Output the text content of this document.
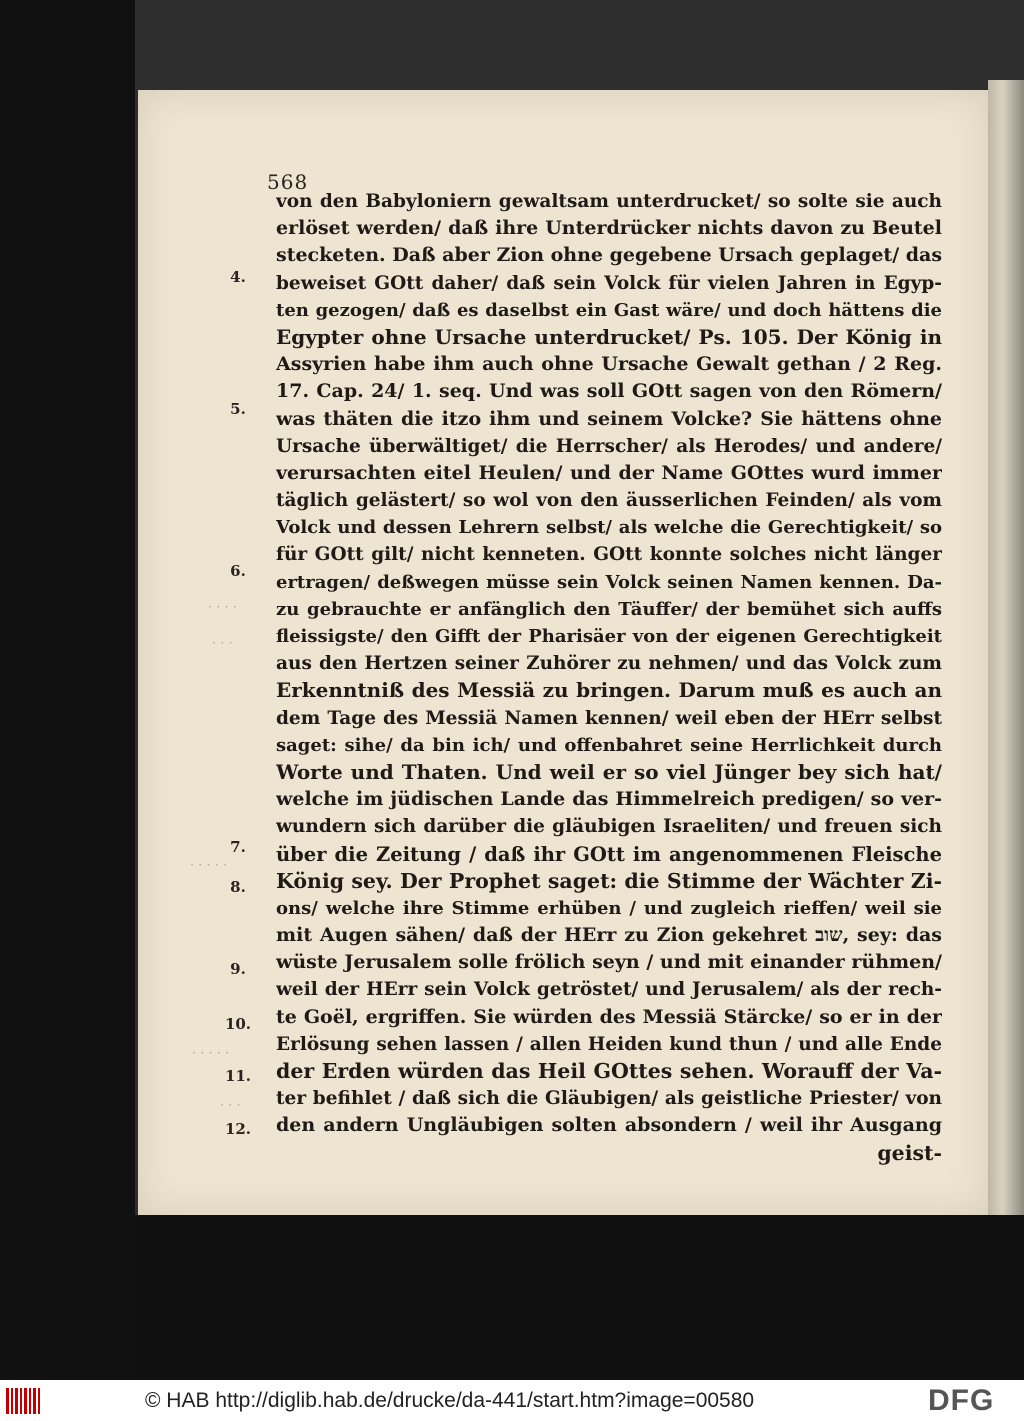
568
4.
5.
6.
7.
8.
9.
10.
11.
12.
· · · ·
· · ·
· · · · ·
· · · · ·
· · ·
von den Babyloniern gewaltsam unterdrucket/ so solte sie auch
erlöset werden/ daß ihre Unterdrücker nichts davon zu Beutel
stecketen. Daß aber Zion ohne gegebene Ursach geplaget/ das
beweiset GOtt daher/ daß sein Volck für vielen Jahren in Egyp-
ten gezogen/ daß es daselbst ein Gast wäre/ und doch hättens die
Egypter ohne Ursache unterdrucket/ Ps. 105. Der König in
Assyrien habe ihm auch ohne Ursache Gewalt gethan / 2 Reg.
17. Cap. 24/ 1. seq. Und was soll GOtt sagen von den Römern/
was thäten die itzo ihm und seinem Volcke? Sie hättens ohne
Ursache überwältiget/ die Herrscher/ als Herodes/ und andere/
verursachten eitel Heulen/ und der Name GOttes wurd immer
täglich gelästert/ so wol von den äusserlichen Feinden/ als vom
Volck und dessen Lehrern selbst/ als welche die Gerechtigkeit/ so
für GOtt gilt/ nicht kenneten. GOtt konnte solches nicht länger
ertragen/ deßwegen müsse sein Volck seinen Namen kennen. Da-
zu gebrauchte er anfänglich den Täuffer/ der bemühet sich auffs
fleissigste/ den Gifft der Pharisäer von der eigenen Gerechtigkeit
aus den Hertzen seiner Zuhörer zu nehmen/ und das Volck zum
Erkenntniß des Messiä zu bringen. Darum muß es auch an
dem Tage des Messiä Namen kennen/ weil eben der HErr selbst
saget: sihe/ da bin ich/ und offenbahret seine Herrlichkeit durch
Worte und Thaten. Und weil er so viel Jünger bey sich hat/
welche im jüdischen Lande das Himmelreich predigen/ so ver-
wundern sich darüber die gläubigen Israeliten/ und freuen sich
über die Zeitung / daß ihr GOtt im angenommenen Fleische
König sey. Der Prophet saget: die Stimme der Wächter Zi-
ons/ welche ihre Stimme erhüben / und zugleich rieffen/ weil sie
mit Augen sähen/ daß der HErr zu Zion gekehret שוב, sey: das
wüste Jerusalem solle frölich seyn / und mit einander rühmen/
weil der HErr sein Volck getröstet/ und Jerusalem/ als der rech-
te Goël, ergriffen. Sie würden des Messiä Stärcke/ so er in der
Erlösung sehen lassen / allen Heiden kund thun / und alle Ende
der Erden würden das Heil GOttes sehen. Worauff der Va-
ter befihlet / daß sich die Gläubigen/ als geistliche Priester/ von
den andern Ungläubigen solten absondern / weil ihr Ausgang
geist-
© HAB http://diglib.hab.de/drucke/da-441/start.htm?image=00580	DFG
